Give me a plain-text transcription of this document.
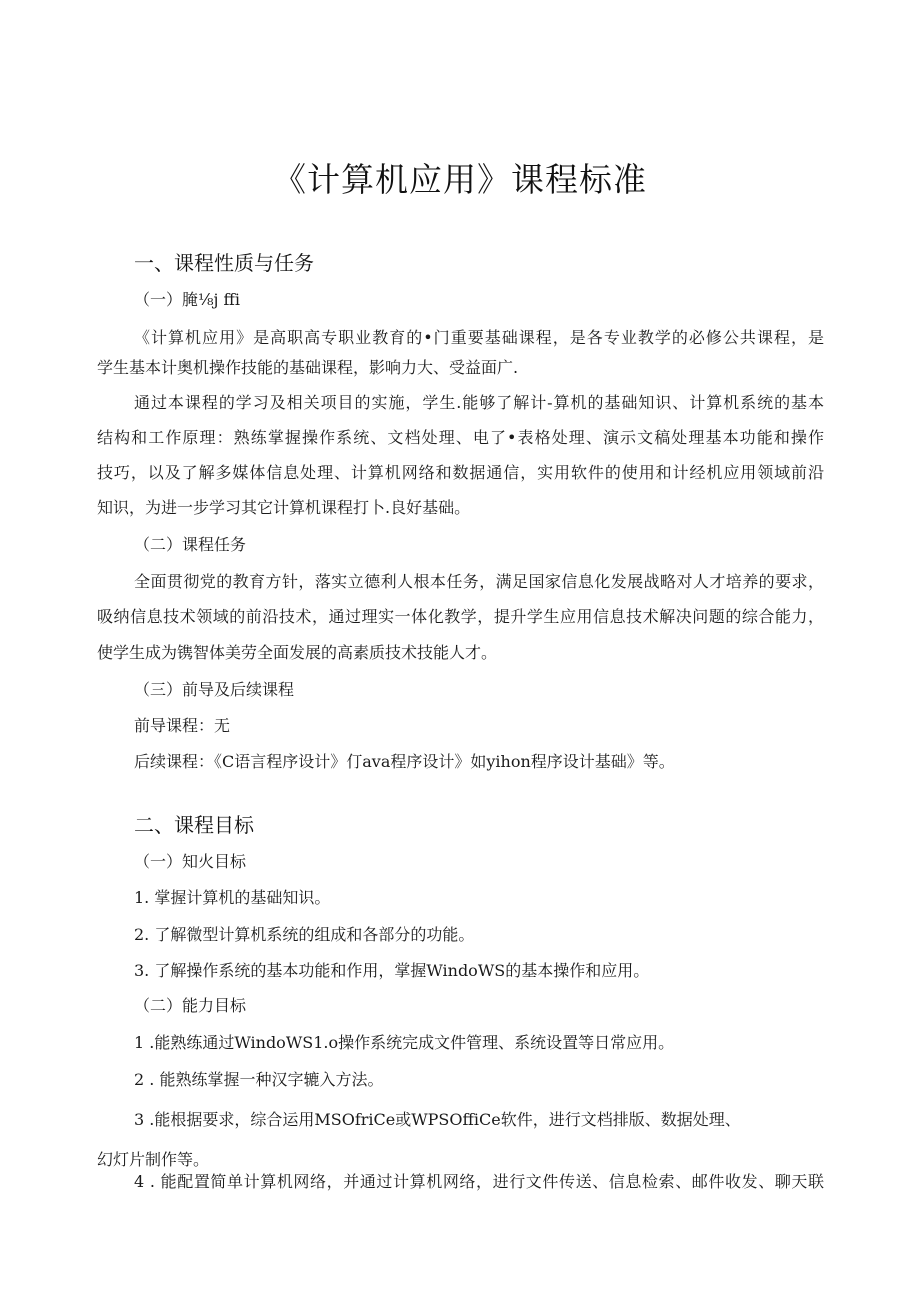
《计算机应用》课程标准
一、课程性质与任务
（一）腌⅛j ffi
《计算机应用》是高职高专职业教育的•门重要基础课程，是各专业教学的必修公共课程，是
学生基本计奥机操作技能的基础课程，影响力大、受益面广.
通过本课程的学习及相关项目的实施，学生.能够了解计-算机的基础知识、计算机系统的基本
结构和工作原理：熟练掌握操作系统、文档处理、电了•表格处理、演示文稿处理基本功能和操作
技巧，以及了解多媒体信息处理、计算机网络和数据通信，实用软件的使用和计经机应用领域前沿
知识，为进一步学习其它计算机课程打卜.良好基础。
（二）课程任务
全面贯彻党的教育方针，落实立德利人根本任务，满足国家信息化发展战略对人才培养的要求，
吸纳信息技术领域的前沿技术，通过理实一体化教学，提升学生应用信息技术解决问题的综合能力，
使学生成为镌智体美劳全面发展的高素质技术技能人才。
（三）前导及后续课程
前导课程：无
后续课程：《C语言程序设计》仃ava程序设计》如yihon程序设计基础》等。
二、课程目标
（一）知火目标
1. 掌握计算机的基础知识。
2. 了解微型计算机系统的组成和各部分的功能。
3. 了解操作系统的基本功能和作用，掌握WindoWS的基本操作和应用。
（二）能力目标
1 .能熟练通过WindoWS1.o操作系统完成文件管理、系统设置等日常应用。
2 . 能熟练掌握一种汉字辘入方法。
3 .能根据要求，综合运用MSOfriCe或WPSOffiCe软件，进行文档排版、数据处理、
幻灯片制作等。
4 . 能配置简单计算机网络，并通过计算机网络，进行文件传送、信息检索、邮件收发、聊天联
